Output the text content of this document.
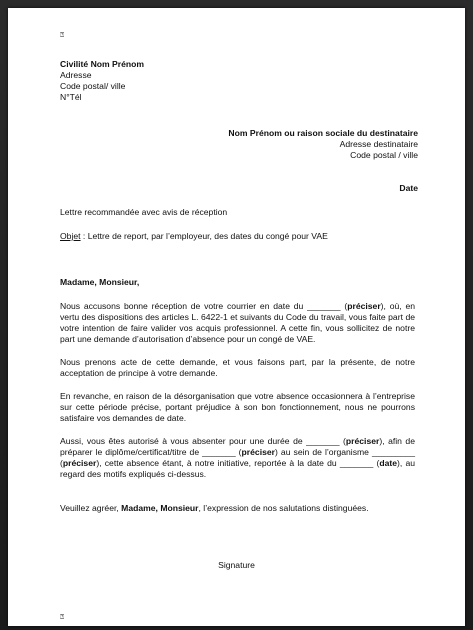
⍰
Civilité Nom Prénom
Adresse
Code postal/ ville
N°Tél
Nom Prénom ou raison sociale du destinataire
Adresse destinataire
Code postal / ville
Date
Lettre recommandée avec avis de réception
Objet : Lettre de report, par l’employeur, des dates du congé pour VAE
Madame, Monsieur,

Nous accusons bonne réception de votre courrier en date du _______ (préciser), où, en vertu des dispositions des articles L. 6422-1 et suivants du Code du travail, vous faite part de votre intention de faire valider vos acquis professionnel. A cette fin, vous sollicitez de notre part une demande d’autorisation d’absence pour un congé de VAE.

Nous prenons acte de cette demande, et vous faisons part, par la présente, de notre acceptation de principe à votre demande.

En revanche, en raison de la désorganisation que votre absence occasionnera à l’entreprise sur cette période précise, portant préjudice à son bon fonctionnement, nous ne pourrons satisfaire vos demandes de date.

Aussi, vous êtes autorisé à vous absenter pour une durée de _______ (préciser), afin de préparer le diplôme/certificat/titre de _______ (préciser) au sein de l’organisme _________ (préciser), cette absence étant, à notre initiative, reportée à la date du _______ (date), au regard des motifs expliqués ci-dessus.

Veuillez agréer, Madame, Monsieur, l’expression de nos salutations distinguées.
Signature
⍰
